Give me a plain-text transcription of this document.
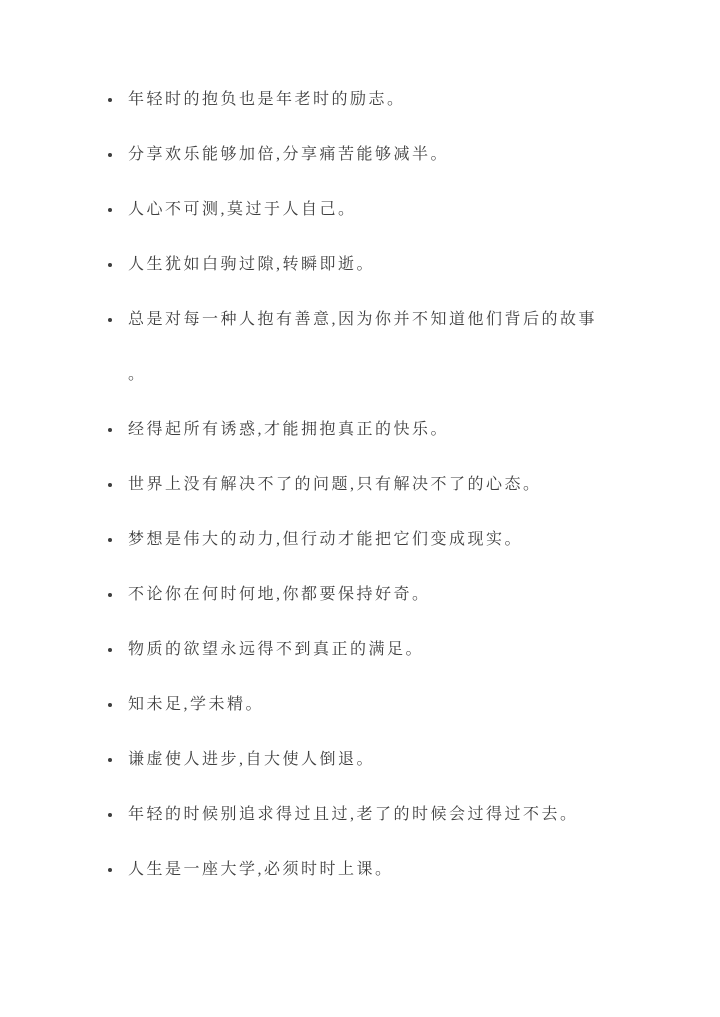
年轻时的抱负也是年老时的励志。
分享欢乐能够加倍,分享痛苦能够减半。
人心不可测,莫过于人自己。
人生犹如白驹过隙,转瞬即逝。
总是对每一种人抱有善意,因为你并不知道他们背后的故事
。
经得起所有诱惑,才能拥抱真正的快乐。
世界上没有解决不了的问题,只有解决不了的心态。
梦想是伟大的动力,但行动才能把它们变成现实。
不论你在何时何地,你都要保持好奇。
物质的欲望永远得不到真正的满足。
知未足,学未精。
谦虚使人进步,自大使人倒退。
年轻的时候别追求得过且过,老了的时候会过得过不去。
人生是一座大学,必须时时上课。
